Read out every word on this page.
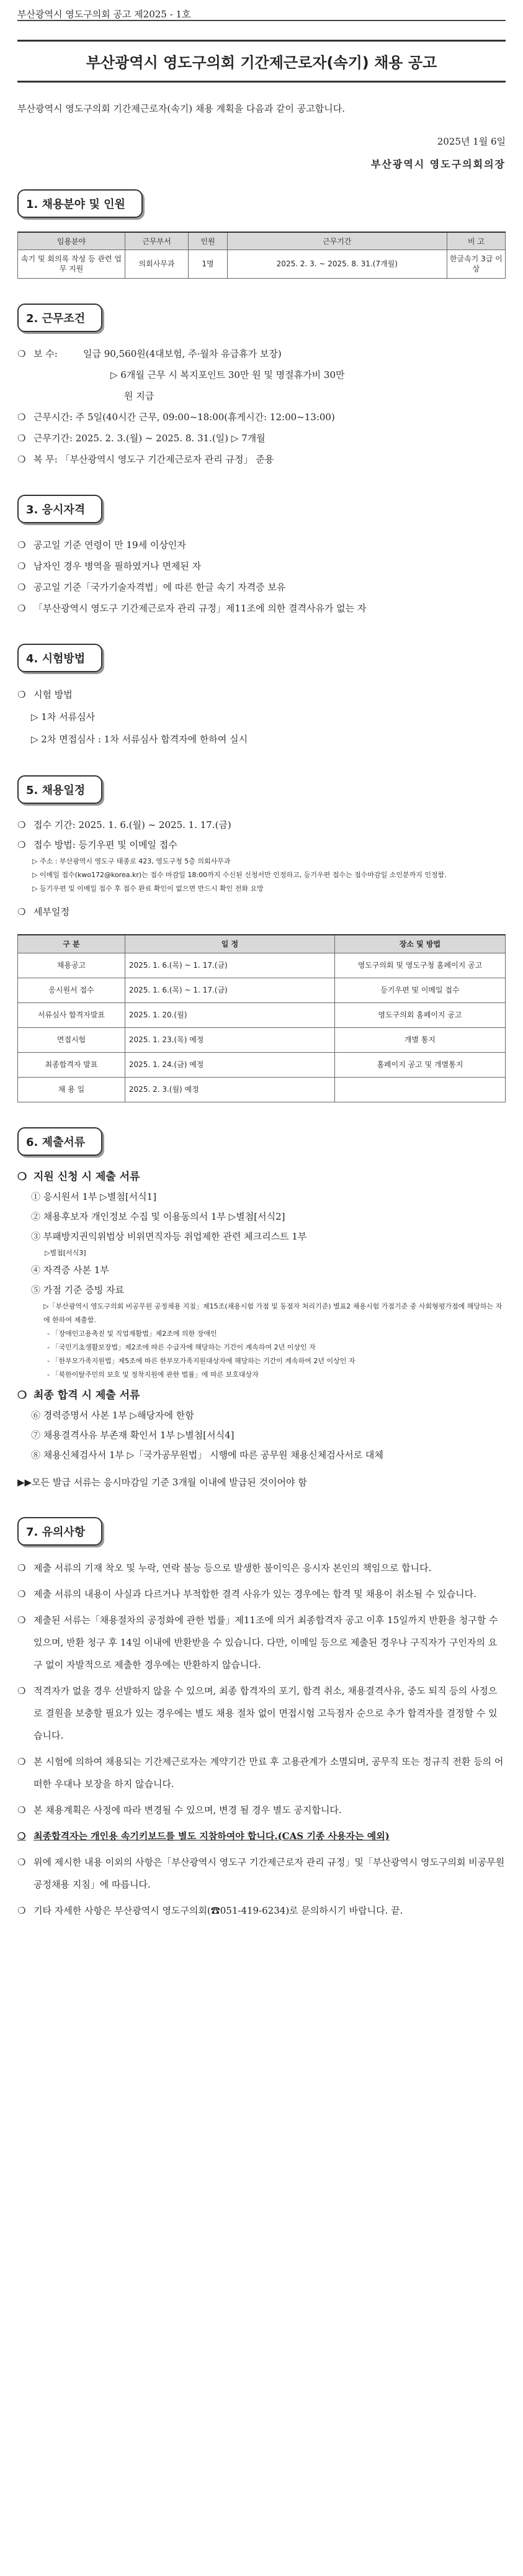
부산광역시 영도구의회 공고 제2025 - 1호
부산광역시 영도구의회 기간제근로자(속기) 채용 공고

부산광역시 영도구의회 기간제근로자(속기) 채용 계획을 다음과 같이 공고합니다.

2025년 1월 6일
부산광역시 영도구의회의장
1. 채용분야 및 인원
임용분야	근무부서	인원	근무기간	비 고
속기 및 회의록 작성 등 관련 업무 지원	의회사무과	1명	2025. 2. 3. ~ 2025. 8. 31.(7개월)	한글속기 3급 이상
2. 근무조건
❍ 보 수:	일급 90,560원(4대보험, 주·월차 유급휴가 보장)
▷ 6개월 근무 시 복지포인트 30만 원 및 명절휴가비 30만
원 지급
❍ 근무시간: 주 5일(40시간 근무, 09:00~18:00(휴게시간: 12:00~13:00)
❍ 근무기간: 2025. 2. 3.(월) ~ 2025. 8. 31.(일) ▷ 7개월
❍ 복 무: 「부산광역시 영도구 기간제근로자 관리 규정」 준용
3. 응시자격
❍ 공고일 기준 연령이 만 19세 이상인자
❍ 남자인 경우 병역을 필하였거나 면제된 자
❍ 공고일 기준「국가기술자격법」에 따른 한글 속기 자격증 보유
❍ 「부산광역시 영도구 기간제근로자 관리 규정」제11조에 의한 결격사유가 없는 자
4. 시험방법
❍ 시험 방법
▷ 1차 서류심사
▷ 2차 면접심사 : 1차 서류심사 합격자에 한하여 실시
5. 채용일정
❍ 접수 기간: 2025. 1. 6.(월) ~ 2025. 1. 17.(금)
❍ 접수 방법: 등기우편 및 이메일 접수
▷ 주소 : 부산광역시 영도구 태종로 423, 영도구청 5층 의회사무과
▷ 이메일 접수(kwo172@korea.kr)는 접수 마감일 18:00까지 수신된 신청서만 인정하고, 등기우편 접수는 접수마감일 소인분까지 인정함.
▷ 등기우편 및 이메일 접수 후 접수 완료 확인이 없으면 반드시 확인 전화 요망
❍ 세부일정
구 분	일 정	장소 및 방법
채용공고	2025. 1. 6.(목) ~ 1. 17.(금)	영도구의회 및 영도구청 홈페이지 공고
응시원서 접수	2025. 1. 6.(목) ~ 1. 17.(금)	등기우편 및 이메일 접수
서류심사 합격자발표	2025. 1. 20.(월)	영도구의회 홈페이지 공고
면접시험	2025. 1. 23.(목) 예정	개별 통지
최종합격자 발표	2025. 1. 24.(금) 예정	홈페이지 공고 및 개별통지
채 용 일	2025. 2. 3.(월) 예정	
6. 제출서류
❍ 지원 신청 시 제출 서류
① 응시원서 1부 ▷별첨[서식1]
② 채용후보자 개인정보 수집 및 이용동의서 1부 ▷별첨[서식2]
③ 부패방지권익위법상 비위면직자등 취업제한 관련 체크리스트 1부
▷별첨[서식3]
④ 자격증 사본 1부
⑤ 가점 기준 증빙 자료
▷「부산광역시 영도구의회 비공무원 공정채용 지침」제15조(채용시험 가점 및 동점자 처리기준) 별표2 채용시험 가점기준 중 사회형평가점에 해당하는 자에 한하여 제출함.
- 「장애인고용촉진 및 직업재활법」제2조에 의한 장애인
- 「국민기초생활보장법」제2조에 따른 수급자에 해당하는 기간이 계속하여 2년 이상인 자
- 「한부모가족지원법」제5조에 따른 한부모가족지원대상자에 해당하는 기간이 계속하여 2년 이상인 자
- 「북한이탈주민의 보호 및 정착지원에 관한 법률」에 따른 보호대상자
❍ 최종 합격 시 제출 서류
⑥ 경력증명서 사본 1부 ▷해당자에 한함
⑦ 채용결격사유 부존재 확인서 1부 ▷별첨[서식4]
⑧ 채용신체검사서 1부 ▷「국가공무원법」 시행에 따른 공무원 채용신체검사서로 대체
▶▶모든 발급 서류는 응시마감일 기준 3개월 이내에 발급된 것이어야 함
7. 유의사항
❍ 제출 서류의 기재 착오 및 누락, 연락 불능 등으로 발생한 불이익은 응시자 본인의 책임으로 합니다.
❍ 제출 서류의 내용이 사실과 다르거나 부적합한 결격 사유가 있는 경우에는 합격 및 채용이 취소될 수 있습니다.
❍ 제출된 서류는「채용절차의 공정화에 관한 법률」제11조에 의거 최종합격자 공고 이후 15일까지 반환을 청구할 수 있으며, 반환 청구 후 14일 이내에 반환받을 수 있습니다. 다만, 이메일 등으로 제출된 경우나 구직자가 구인자의 요구 없이 자발적으로 제출한 경우에는 반환하지 않습니다.
❍ 적격자가 없을 경우 선발하지 않을 수 있으며, 최종 합격자의 포기, 합격 취소, 채용결격사유, 중도 퇴직 등의 사정으로 결원을 보충할 필요가 있는 경우에는 별도 채용 절차 없이 면접시험 고득점자 순으로 추가 합격자를 결정할 수 있습니다.
❍ 본 시험에 의하여 채용되는 기간제근로자는 계약기간 만료 후 고용관계가 소멸되며, 공무직 또는 정규직 전환 등의 어떠한 우대나 보장을 하지 않습니다.
❍ 본 채용계획은 사정에 따라 변경될 수 있으며, 변경 될 경우 별도 공지합니다.
❍ 최종합격자는 개인용 속기키보드를 별도 지참하여야 합니다.(CAS 기종 사용자는 예외)
❍ 위에 제시한 내용 이외의 사항은「부산광역시 영도구 기간제근로자 관리 규정」및「부산광역시 영도구의회 비공무원 공정채용 지침」에 따릅니다.
❍ 기타 자세한 사항은 부산광역시 영도구의회(☎051-419-6234)로 문의하시기 바랍니다. 끝.
